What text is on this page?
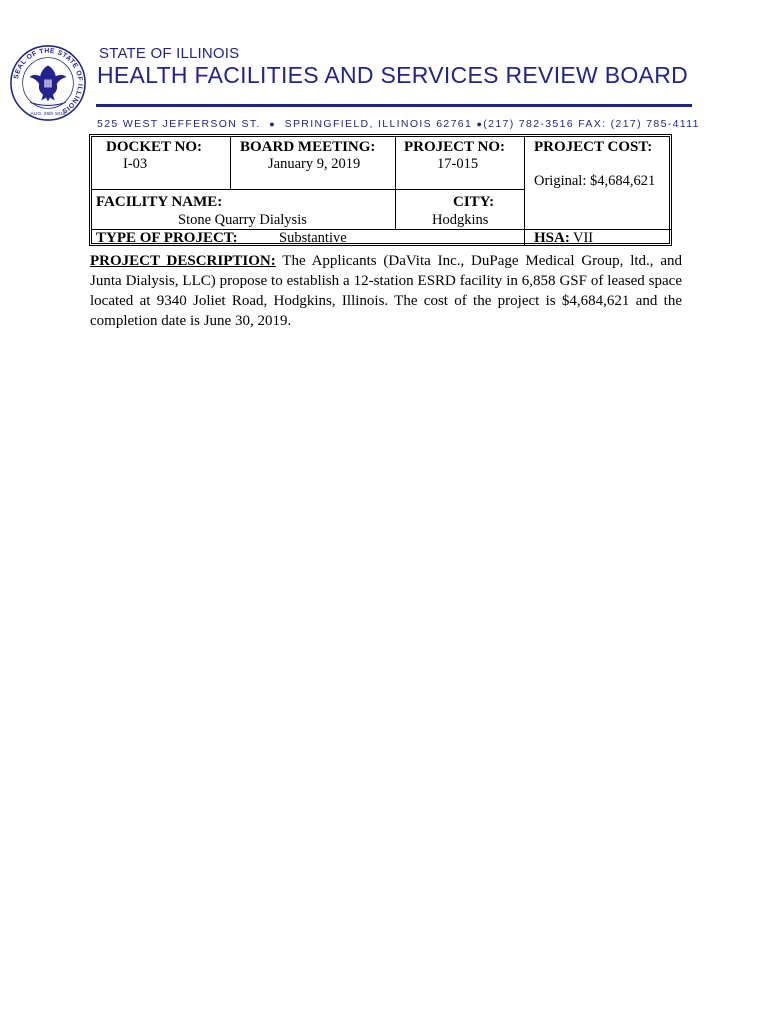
SEAL OF THE STATE OF ILLINOIS
AUG. 26th 1818
STATE OF ILLINOIS
HEALTH FACILITIES AND SERVICES REVIEW BOARD
525 WEST JEFFERSON ST. ● SPRINGFIELD, ILLINOIS 62761 ●(217) 782-3516 FAX: (217) 785-4111
DOCKET NO:
I-03
BOARD MEETING:
January 9, 2019
PROJECT NO:
17-015
PROJECT COST:
Original: $4,684,621
FACILITY NAME:
Stone Quarry Dialysis
CITY:
Hodgkins
TYPE OF PROJECT:	Substantive	HSA: VII
PROJECT DESCRIPTION: The Applicants (DaVita Inc., DuPage Medical Group, ltd., and Junta Dialysis, LLC) propose to establish a 12-station ESRD facility in 6,858 GSF of leased space located at 9340 Joliet Road, Hodgkins, Illinois. The cost of the project is $4,684,621 and the completion date is June 30, 2019.
